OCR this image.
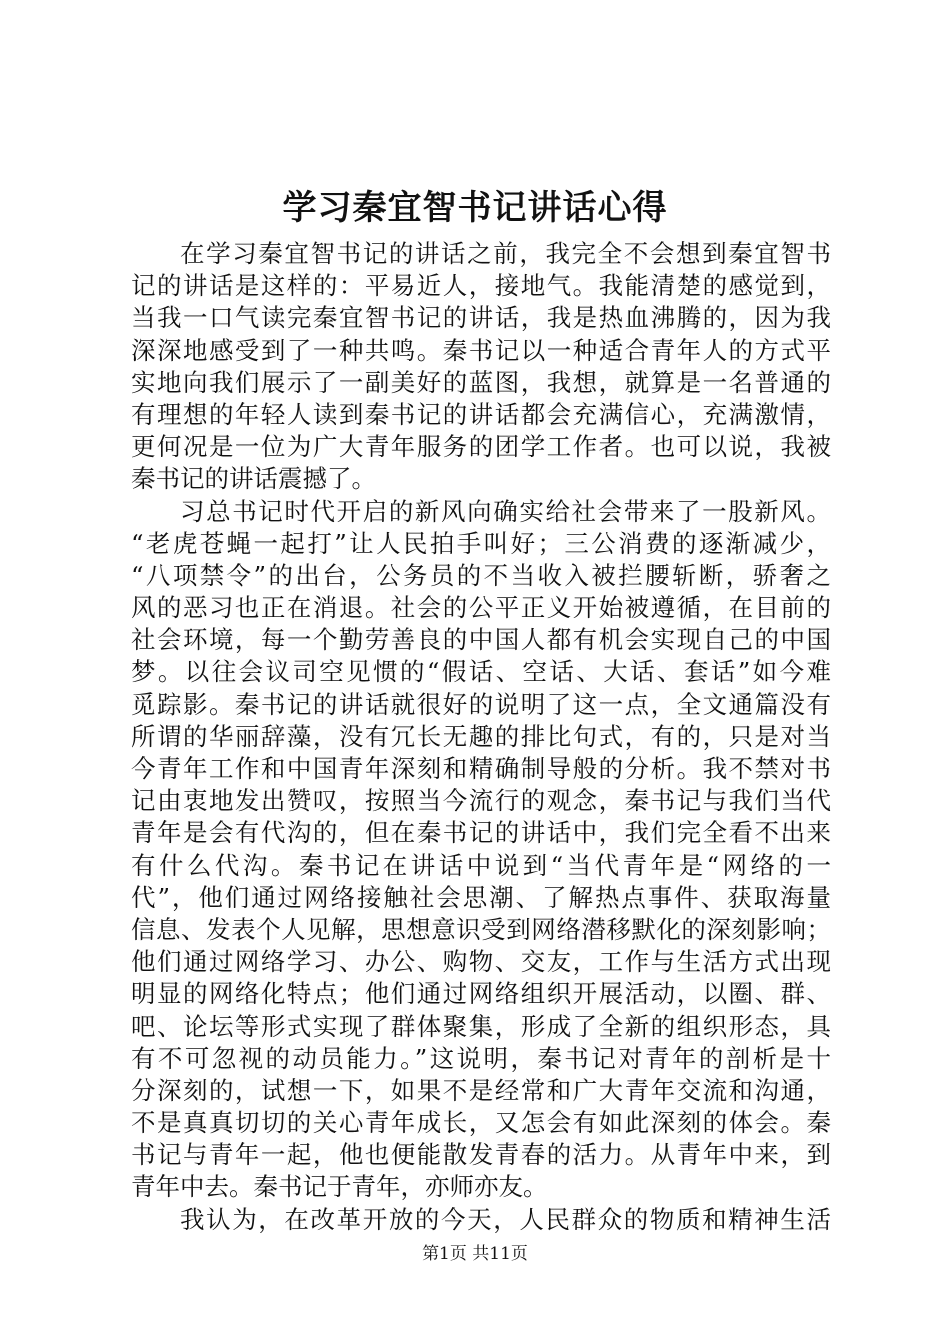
学习秦宜智书记讲话心得
在学习秦宜智书记的讲话之前，我完全不会想到秦宜智书
记的讲话是这样的：平易近人，接地气。我能清楚的感觉到，
当我一口气读完秦宜智书记的讲话，我是热血沸腾的，因为我
深深地感受到了一种共鸣。秦书记以一种适合青年人的方式平
实地向我们展示了一副美好的蓝图，我想，就算是一名普通的
有理想的年轻人读到秦书记的讲话都会充满信心，充满激情，
更何况是一位为广大青年服务的团学工作者。也可以说，我被
秦书记的讲话震撼了。
习总书记时代开启的新风向确实给社会带来了一股新风。
“老虎苍蝇一起打”让人民拍手叫好；三公消费的逐渐减少，
“八项禁令”的出台，公务员的不当收入被拦腰斩断，骄奢之
风的恶习也正在消退。社会的公平正义开始被遵循，在目前的
社会环境，每一个勤劳善良的中国人都有机会实现自己的中国
梦。以往会议司空见惯的“假话、空话、大话、套话”如今难
觅踪影。秦书记的讲话就很好的说明了这一点，全文通篇没有
所谓的华丽辞藻，没有冗长无趣的排比句式，有的，只是对当
今青年工作和中国青年深刻和精确制导般的分析。我不禁对书
记由衷地发出赞叹，按照当今流行的观念，秦书记与我们当代
青年是会有代沟的，但在秦书记的讲话中，我们完全看不出来
有什么代沟。秦书记在讲话中说到“当代青年是“网络的一
代”，他们通过网络接触社会思潮、了解热点事件、获取海量
信息、发表个人见解，思想意识受到网络潜移默化的深刻影响；
他们通过网络学习、办公、购物、交友，工作与生活方式出现
明显的网络化特点；他们通过网络组织开展活动，以圈、群、
吧、论坛等形式实现了群体聚集，形成了全新的组织形态，具
有不可忽视的动员能力。”这说明，秦书记对青年的剖析是十
分深刻的，试想一下，如果不是经常和广大青年交流和沟通，
不是真真切切的关心青年成长，又怎会有如此深刻的体会。秦
书记与青年一起，他也便能散发青春的活力。从青年中来，到
青年中去。秦书记于青年，亦师亦友。
我认为，在改革开放的今天，人民群众的物质和精神生活
第1页 共11页
